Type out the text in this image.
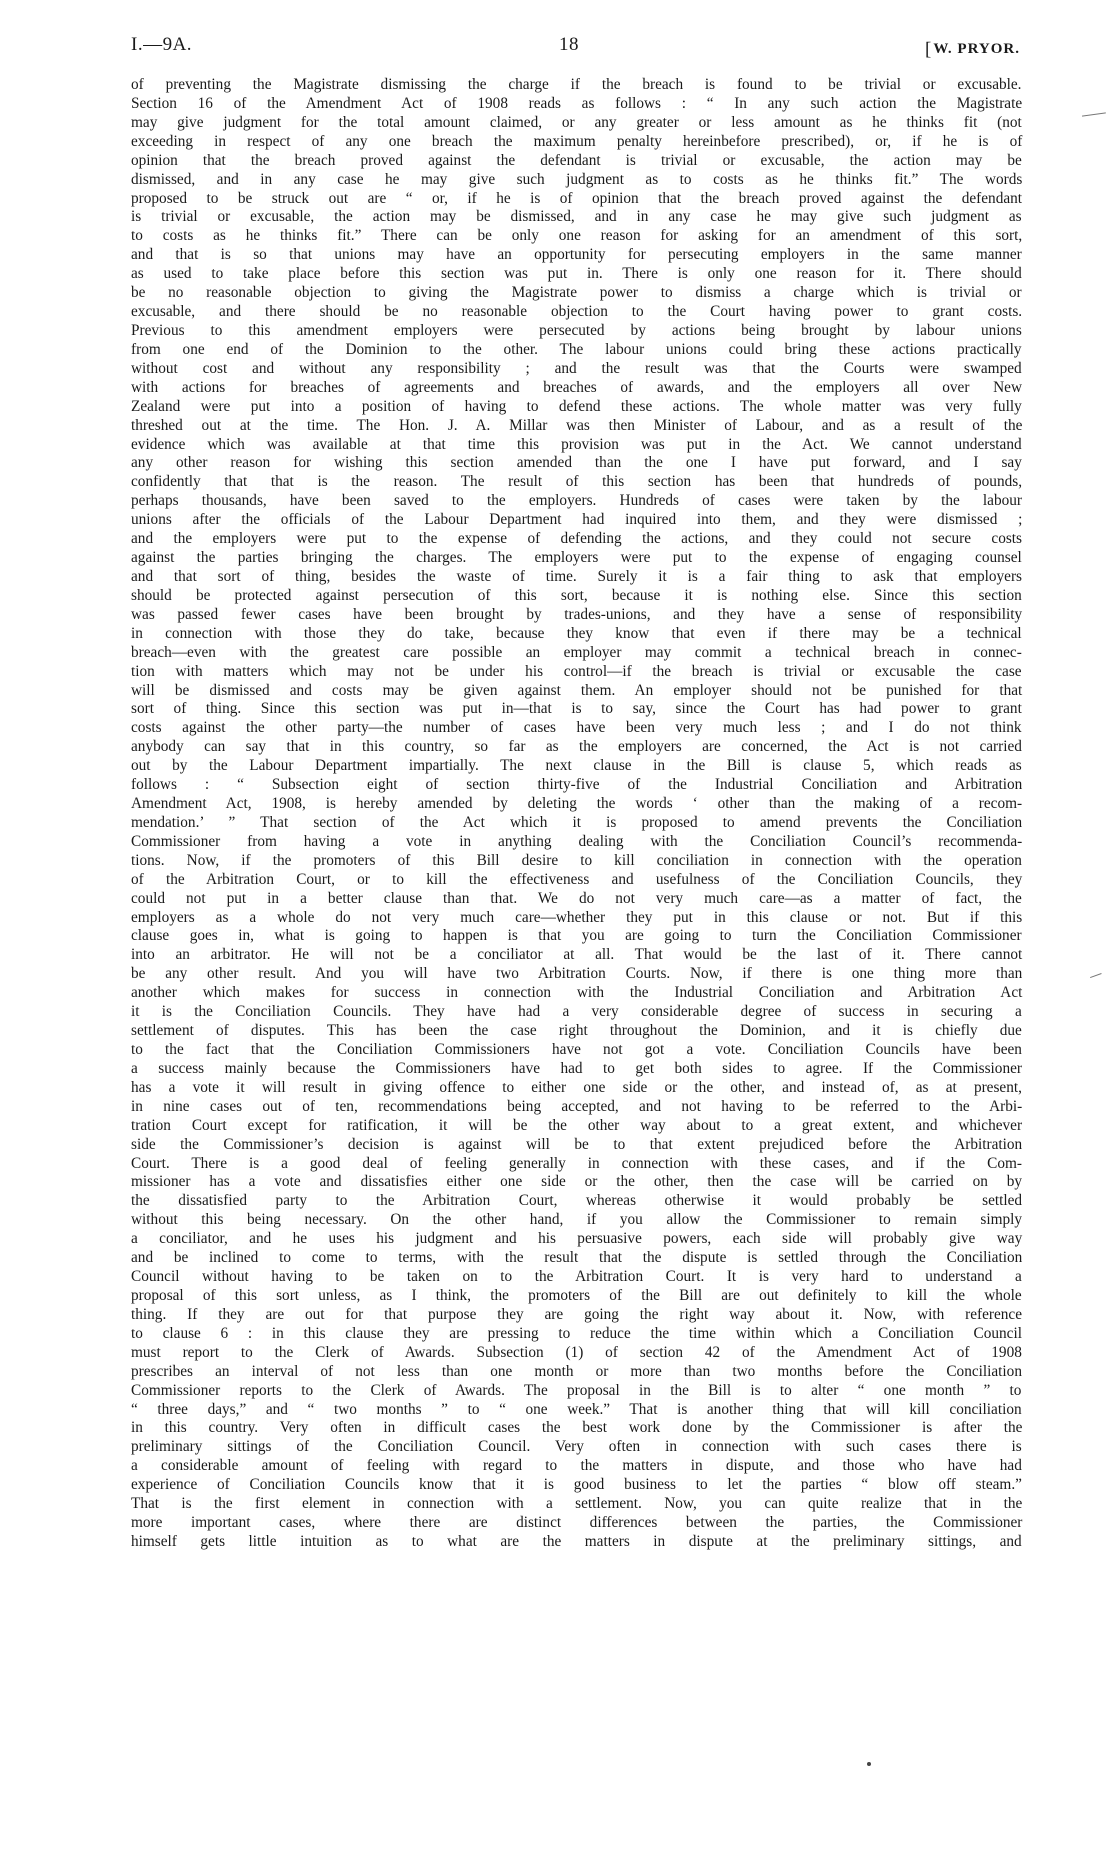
I.—9A.	18	[W. PRYOR.
of preventing the Magistrate dismissing the charge if the breach is found to be trivial or excusable.
Section 16 of the Amendment Act of 1908 reads as follows : “ In any such action the Magistrate
may give judgment for the total amount claimed, or any greater or less amount as he thinks fit (not
exceeding in respect of any one breach the maximum penalty hereinbefore prescribed), or, if he is of
opinion that the breach proved against the defendant is trivial or excusable, the action may be
dismissed, and in any case he may give such judgment as to costs as he thinks fit.” The words
proposed to be struck out are “ or, if he is of opinion that the breach proved against the defendant
is trivial or excusable, the action may be dismissed, and in any case he may give such judgment as
to costs as he thinks fit.” There can be only one reason for asking for an amendment of this sort,
and that is so that unions may have an opportunity for persecuting employers in the same manner
as used to take place before this section was put in. There is only one reason for it. There should
be no reasonable objection to giving the Magistrate power to dismiss a charge which is trivial or
excusable, and there should be no reasonable objection to the Court having power to grant costs.
Previous to this amendment employers were persecuted by actions being brought by labour unions
from one end of the Dominion to the other. The labour unions could bring these actions practically
without cost and without any responsibility ; and the result was that the Courts were swamped
with actions for breaches of agreements and breaches of awards, and the employers all over New
Zealand were put into a position of having to defend these actions. The whole matter was very fully
threshed out at the time. The Hon. J. A. Millar was then Minister of Labour, and as a result of the
evidence which was available at that time this provision was put in the Act. We cannot understand
any other reason for wishing this section amended than the one I have put forward, and I say
confidently that that is the reason. The result of this section has been that hundreds of pounds,
perhaps thousands, have been saved to the employers. Hundreds of cases were taken by the labour
unions after the officials of the Labour Department had inquired into them, and they were dismissed ;
and the employers were put to the expense of defending the actions, and they could not secure costs
against the parties bringing the charges. The employers were put to the expense of engaging counsel
and that sort of thing, besides the waste of time. Surely it is a fair thing to ask that employers
should be protected against persecution of this sort, because it is nothing else. Since this section
was passed fewer cases have been brought by trades-unions, and they have a sense of responsibility
in connection with those they do take, because they know that even if there may be a technical
breach—even with the greatest care possible an employer may commit a technical breach in connec-
tion with matters which may not be under his control—if the breach is trivial or excusable the case
will be dismissed and costs may be given against them. An employer should not be punished for that
sort of thing. Since this section was put in—that is to say, since the Court has had power to grant
costs against the other party—the number of cases have been very much less ; and I do not think
anybody can say that in this country, so far as the employers are concerned, the Act is not carried
out by the Labour Department impartially. The next clause in the Bill is clause 5, which reads as
follows : “ Subsection eight of section thirty-five of the Industrial Conciliation and Arbitration
Amendment Act, 1908, is hereby amended by deleting the words ‘ other than the making of a recom-
mendation.’ ” That section of the Act which it is proposed to amend prevents the Conciliation
Commissioner from having a vote in anything dealing with the Conciliation Council’s recommenda-
tions. Now, if the promoters of this Bill desire to kill conciliation in connection with the operation
of the Arbitration Court, or to kill the effectiveness and usefulness of the Conciliation Councils, they
could not put in a better clause than that. We do not very much care—as a matter of fact, the
employers as a whole do not very much care—whether they put in this clause or not. But if this
clause goes in, what is going to happen is that you are going to turn the Conciliation Commissioner
into an arbitrator. He will not be a conciliator at all. That would be the last of it. There cannot
be any other result. And you will have two Arbitration Courts. Now, if there is one thing more than
another which makes for success in connection with the Industrial Conciliation and Arbitration Act
it is the Conciliation Councils. They have had a very considerable degree of success in securing a
settlement of disputes. This has been the case right throughout the Dominion, and it is chiefly due
to the fact that the Conciliation Commissioners have not got a vote. Conciliation Councils have been
a success mainly because the Commissioners have had to get both sides to agree. If the Commissioner
has a vote it will result in giving offence to either one side or the other, and instead of, as at present,
in nine cases out of ten, recommendations being accepted, and not having to be referred to the Arbi-
tration Court except for ratification, it will be the other way about to a great extent, and whichever
side the Commissioner’s decision is against will be to that extent prejudiced before the Arbitration
Court. There is a good deal of feeling generally in connection with these cases, and if the Com-
missioner has a vote and dissatisfies either one side or the other, then the case will be carried on by
the dissatisfied party to the Arbitration Court, whereas otherwise it would probably be settled
without this being necessary. On the other hand, if you allow the Commissioner to remain simply
a conciliator, and he uses his judgment and his persuasive powers, each side will probably give way
and be inclined to come to terms, with the result that the dispute is settled through the Conciliation
Council without having to be taken on to the Arbitration Court. It is very hard to understand a
proposal of this sort unless, as I think, the promoters of the Bill are out definitely to kill the whole
thing. If they are out for that purpose they are going the right way about it. Now, with reference
to clause 6 : in this clause they are pressing to reduce the time within which a Conciliation Council
must report to the Clerk of Awards. Subsection (1) of section 42 of the Amendment Act of 1908
prescribes an interval of not less than one month or more than two months before the Conciliation
Commissioner reports to the Clerk of Awards. The proposal in the Bill is to alter “ one month ” to
“ three days,” and “ two months ” to “ one week.” That is another thing that will kill conciliation
in this country. Very often in difficult cases the best work done by the Commissioner is after the
preliminary sittings of the Conciliation Council. Very often in connection with such cases there is
a considerable amount of feeling with regard to the matters in dispute, and those who have had
experience of Conciliation Councils know that it is good business to let the parties “ blow off steam.”
That is the first element in connection with a settlement. Now, you can quite realize that in the
more important cases, where there are distinct differences between the parties, the Commissioner
himself gets little intuition as to what are the matters in dispute at the preliminary sittings, and
